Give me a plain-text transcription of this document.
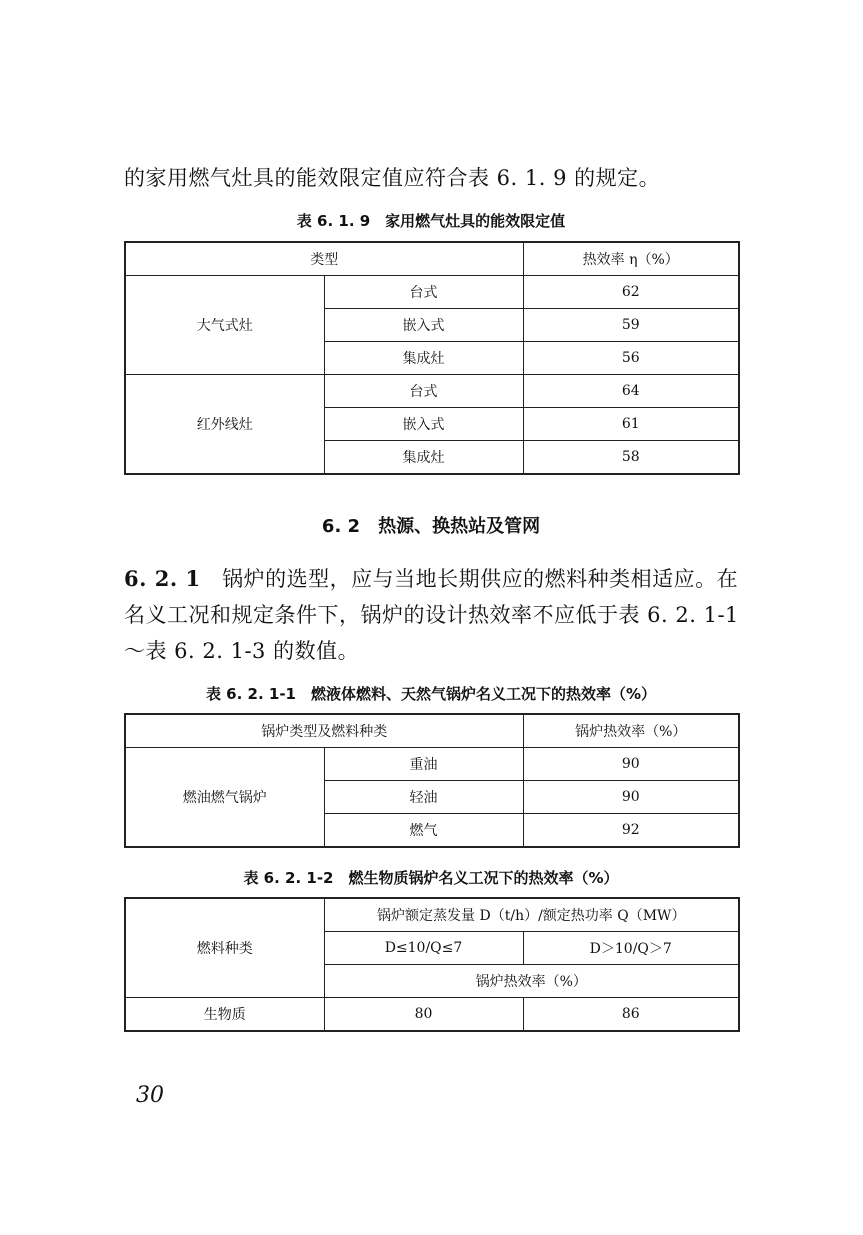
的家用燃气灶具的能效限定值应符合表 6. 1. 9 的规定。
表 6. 1. 9　家用燃气灶具的能效限定值
类型		热效率 η（%）
大气式灶	台式	62
	嵌入式	59
	集成灶	56
红外线灶	台式	64
	嵌入式	61
	集成灶	58
6. 2　热源、换热站及管网
6. 2. 1　 锅炉的选型，应与当地长期供应的燃料种类相适应。在
名义工况和规定条件下，锅炉的设计热效率不应低于表 6. 2. 1-1
～表 6. 2. 1-3 的数值。
表 6. 2. 1-1　燃液体燃料、天然气锅炉名义工况下的热效率（%）
锅炉类型及燃料种类		锅炉热效率（%）
燃油燃气锅炉	重油	90
	轻油	90
	燃气	92
表 6. 2. 1-2　燃生物质锅炉名义工况下的热效率（%）
燃料种类	锅炉额定蒸发量 D（t/h）/额定热功率 Q（MW）	
	D≤10/Q≤7	D＞10/Q＞7
	锅炉热效率（%）	
生物质	80	86
30
